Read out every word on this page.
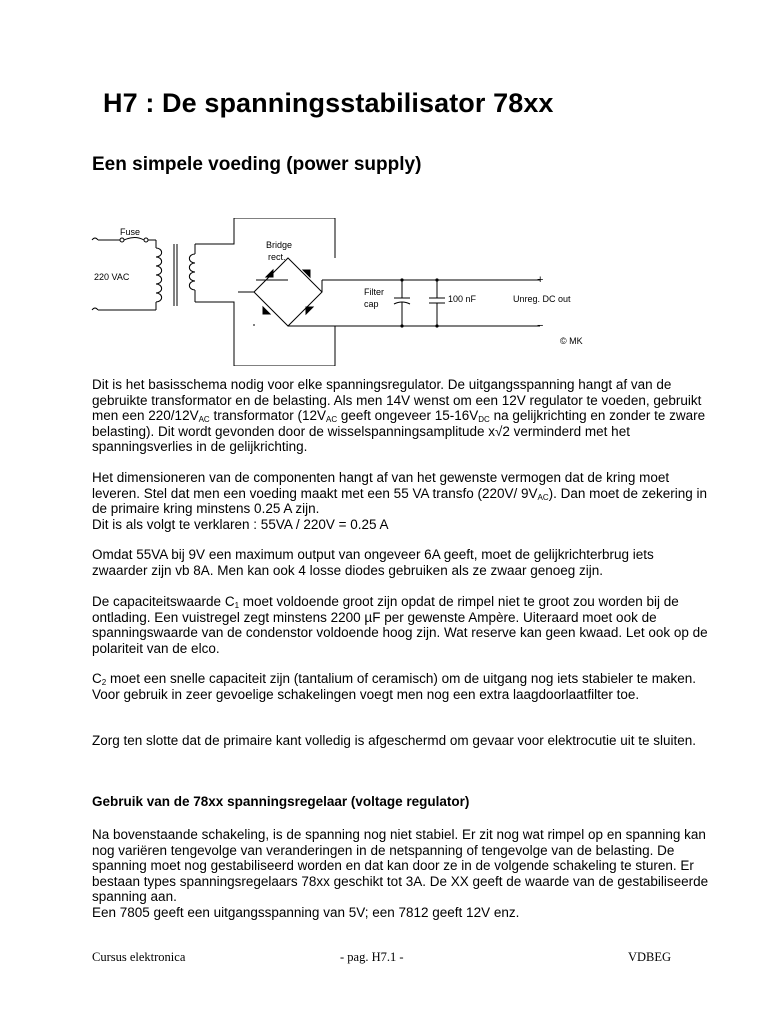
H7 : De spanningsstabilisator 78xx
Een simpele voeding (power supply)
Fuse
220 VAC
Bridge
rect.
Filter
cap	100 nF	Unreg. DC out
+
−
© MK
Dit is het basisschema nodig voor elke spanningsregulator. De uitgangsspanning hangt af van de gebruikte transformator en de belasting. Als men 14V wenst om een 12V regulator te voeden, gebruikt men een $220/12V_{AC}$ transformator ($12V_{AC}$ geeft ongeveer $15-16V_{DC}$ na gelijkrichting en zonder te zware belasting). Dit wordt gevonden door de wisselspanningsamplitude x√2 verminderd met het spanningsverlies in de gelijkrichting.
Het dimensioneren van de componenten hangt af van het gewenste vermogen dat de kring moet leveren. Stel dat men een voeding maakt met een 55 VA transfo (220V/ $9V_{AC}$). Dan moet de zekering in de primaire kring minstens 0.25 A zijn.
Dit is als volgt te verklaren : 55VA / 220V = 0.25 A
Omdat 55VA bij 9V een maximum output van ongeveer 6A geeft, moet de gelijkrichterbrug iets zwaarder zijn vb 8A. Men kan ook 4 losse diodes gebruiken als ze zwaar genoeg zijn.
De capaciteitswaarde $C_1$ moet voldoende groot zijn opdat de rimpel niet te groot zou worden bij de ontlading. Een vuistregel zegt minstens 2200 µF per gewenste Ampère. Uiteraard moet ook de spanningswaarde van de condenstor voldoende hoog zijn. Wat reserve kan geen kwaad. Let ook op de polariteit van de elco.
$C_2$ moet een snelle capaciteit zijn (tantalium of ceramisch) om de uitgang nog iets stabieler te maken. Voor gebruik in zeer gevoelige schakelingen voegt men nog een extra laagdoorlaatfilter toe.
Zorg ten slotte dat de primaire kant volledig is afgeschermd om gevaar voor elektrocutie uit te sluiten.
Gebruik van de 78xx spanningsregelaar (voltage regulator)
Na bovenstaande schakeling, is de spanning nog niet stabiel. Er zit nog wat rimpel op en spanning kan nog variëren tengevolge van veranderingen in de netspanning of tengevolge van de belasting. De spanning moet nog gestabiliseerd worden en dat kan door ze in de volgende schakeling te sturen. Er bestaan types spanningsregelaars 78xx geschikt tot 3A. De XX geeft de waarde van de gestabiliseerde spanning aan.
Een 7805 geeft een uitgangsspanning van 5V; een 7812 geeft 12V enz.
Cursus elektronica	- pag. H7.1 -	VDBEG
